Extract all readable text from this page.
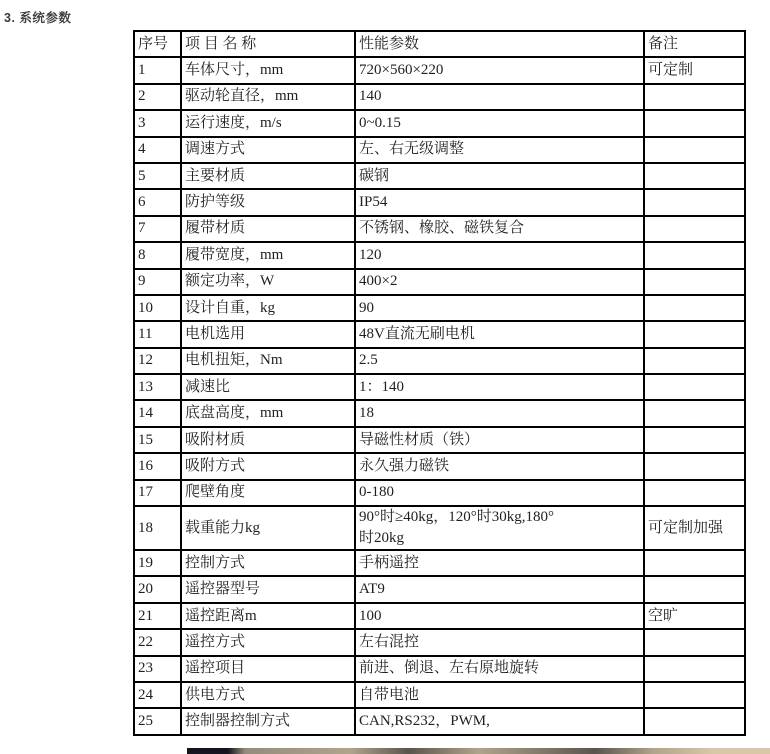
3. 系统参数
序号	项 目 名 称	性能参数	备注
1	车体尺寸，mm	720×560×220	可定制
2	驱动轮直径，mm	140	
3	运行速度，m/s	0~0.15	
4	调速方式	左、右无级调整	
5	主要材质	碳钢	
6	防护等级	IP54	
7	履带材质	不锈钢、橡胶、磁铁复合	
8	履带宽度，mm	120	
9	额定功率，W	400×2	
10	设计自重，kg	90	
11	电机选用	48V直流无刷电机	
12	电机扭矩，Nm	2.5	
13	减速比	1：140	
14	底盘高度，mm	18	
15	吸附材质	导磁性材质（铁）	
16	吸附方式	永久强力磁铁	
17	爬壁角度	0-180	
18	载重能力kg	90°时≥40kg，120°时30kg,180°
时20kg	可定制加强
19	控制方式	手柄遥控	
20	遥控器型号	AT9	
21	遥控距离m	100	空旷
22	遥控方式	左右混控	
23	遥控项目	前进、倒退、左右原地旋转	
24	供电方式	自带电池	
25	控制器控制方式	CAN,RS232，PWM,	
